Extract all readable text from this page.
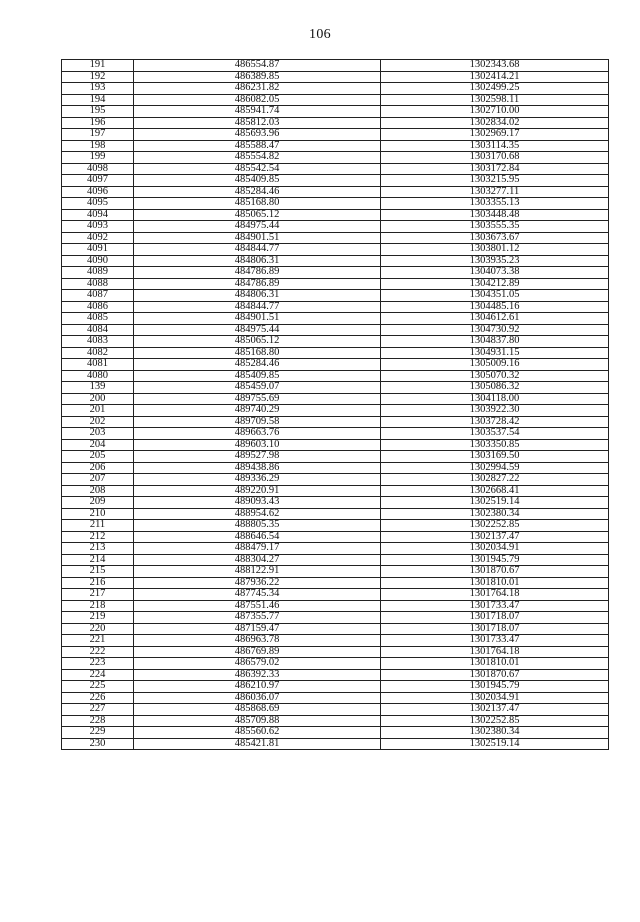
106
191	486554.87	1302343.68
192	486389.85	1302414.21
193	486231.82	1302499.25
194	486082.05	1302598.11
195	485941.74	1302710.00
196	485812.03	1302834.02
197	485693.96	1302969.17
198	485588.47	1303114.35
199	485554.82	1303170.68
4098	485542.54	1303172.84
4097	485409.85	1303215.95
4096	485284.46	1303277.11
4095	485168.80	1303355.13
4094	485065.12	1303448.48
4093	484975.44	1303555.35
4092	484901.51	1303673.67
4091	484844.77	1303801.12
4090	484806.31	1303935.23
4089	484786.89	1304073.38
4088	484786.89	1304212.89
4087	484806.31	1304351.05
4086	484844.77	1304485.16
4085	484901.51	1304612.61
4084	484975.44	1304730.92
4083	485065.12	1304837.80
4082	485168.80	1304931.15
4081	485284.46	1305009.16
4080	485409.85	1305070.32
139	485459.07	1305086.32
200	489755.69	1304118.00
201	489740.29	1303922.30
202	489709.58	1303728.42
203	489663.76	1303537.54
204	489603.10	1303350.85
205	489527.98	1303169.50
206	489438.86	1302994.59
207	489336.29	1302827.22
208	489220.91	1302668.41
209	489093.43	1302519.14
210	488954.62	1302380.34
211	488805.35	1302252.85
212	488646.54	1302137.47
213	488479.17	1302034.91
214	488304.27	1301945.79
215	488122.91	1301870.67
216	487936.22	1301810.01
217	487745.34	1301764.18
218	487551.46	1301733.47
219	487355.77	1301718.07
220	487159.47	1301718.07
221	486963.78	1301733.47
222	486769.89	1301764.18
223	486579.02	1301810.01
224	486392.33	1301870.67
225	486210.97	1301945.79
226	486036.07	1302034.91
227	485868.69	1302137.47
228	485709.88	1302252.85
229	485560.62	1302380.34
230	485421.81	1302519.14
